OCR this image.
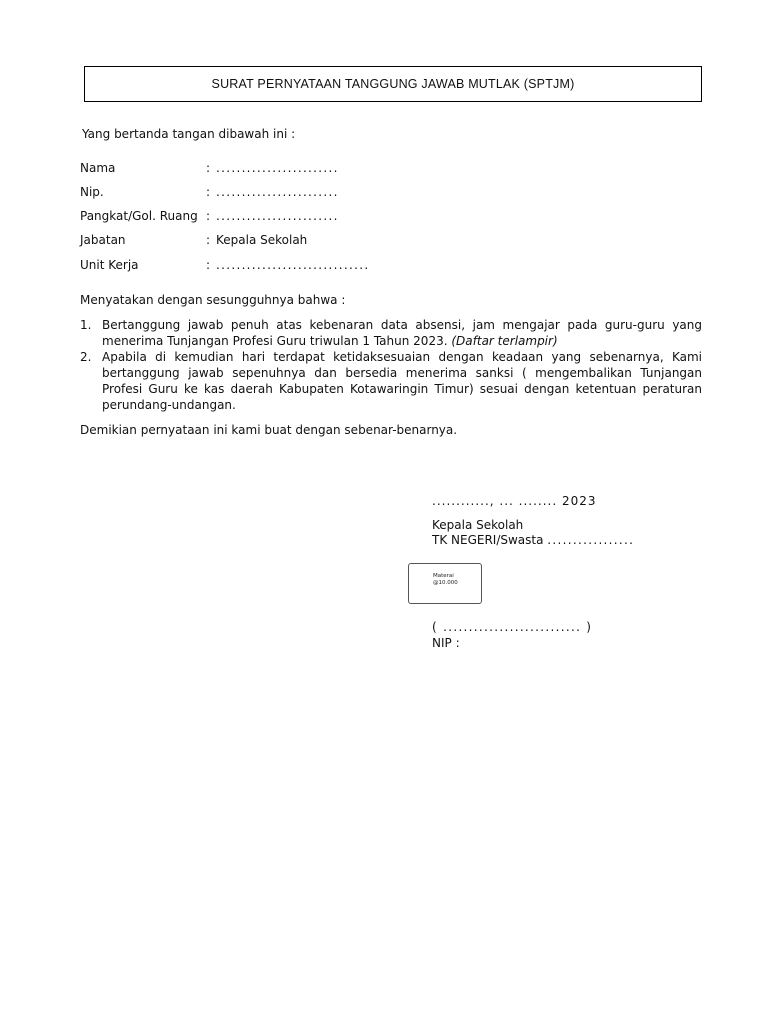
SURAT PERNYATAAN TANGGUNG JAWAB MUTLAK (SPTJM)
Yang bertanda tangan dibawah ini :
Nama	: ........................
Nip.	: ........................
Pangkat/Gol. Ruang : ........................
Jabatan	: Kepala Sekolah
Unit Kerja	: ..............................
Menyatakan dengan sesungguhnya bahwa :
1. Bertanggung jawab penuh atas kebenaran data absensi, jam mengajar pada guru-guru yang menerima Tunjangan Profesi Guru triwulan 1 Tahun 2023. (Daftar terlampir)
2. Apabila di kemudian hari terdapat ketidaksesuaian dengan keadaan yang sebenarnya, Kami bertanggung jawab sepenuhnya dan bersedia menerima sanksi ( mengembalikan Tunjangan Profesi Guru ke kas daerah Kabupaten Kotawaringin Timur) sesuai dengan ketentuan peraturan perundang-undangan.
Demikian pernyataan ini kami buat dengan sebenar-benarnya.
............, ... ........ 2023
Kepala Sekolah
TK NEGERI/Swasta .................
Materai
@10.000
( ........................... )
NIP :
